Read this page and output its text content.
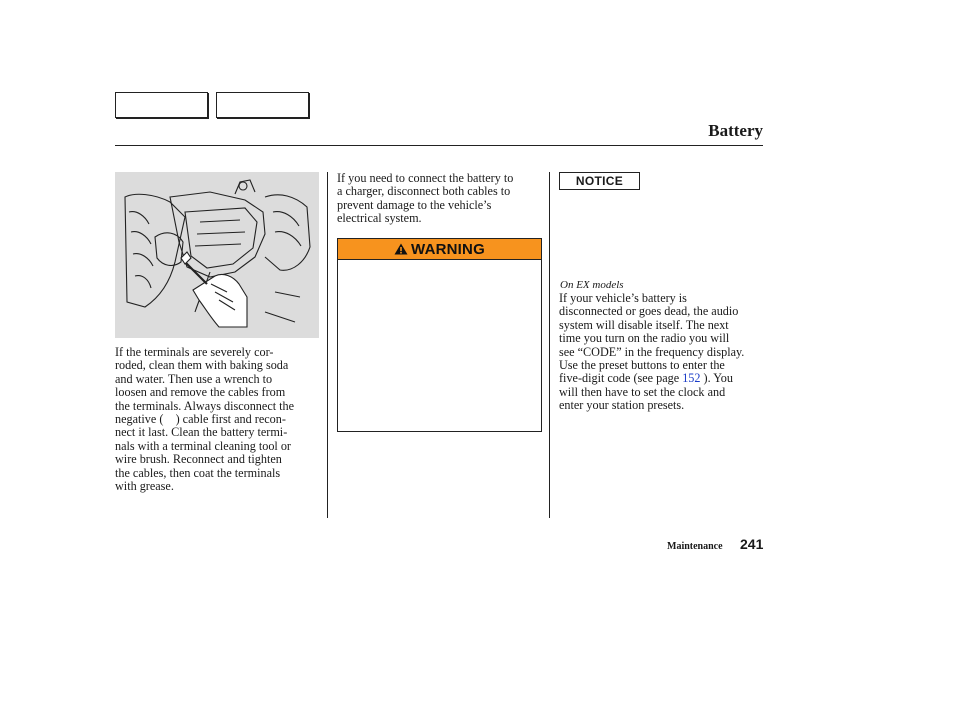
Battery
If the terminals are severely cor-
roded, clean them with baking soda
and water. Then use a wrench to
loosen and remove the cables from
the terminals. Always disconnect the
negative (    ) cable first and recon-
nect it last. Clean the battery termi-
nals with a terminal cleaning tool or
wire brush. Reconnect and tighten
the cables, then coat the terminals
with grease.
If you need to connect the battery to
a charger, disconnect both cables to
prevent damage to the vehicle’s
electrical system.
WARNING
NOTICE
On EX models
If your vehicle’s battery is
disconnected or goes dead, the audio
system will disable itself. The next
time you turn on the radio you will
see “CODE” in the frequency display.
Use the preset buttons to enter the
five-digit code (see page 152 ). You
will then have to set the clock and
enter your station presets.
Maintenance 241
